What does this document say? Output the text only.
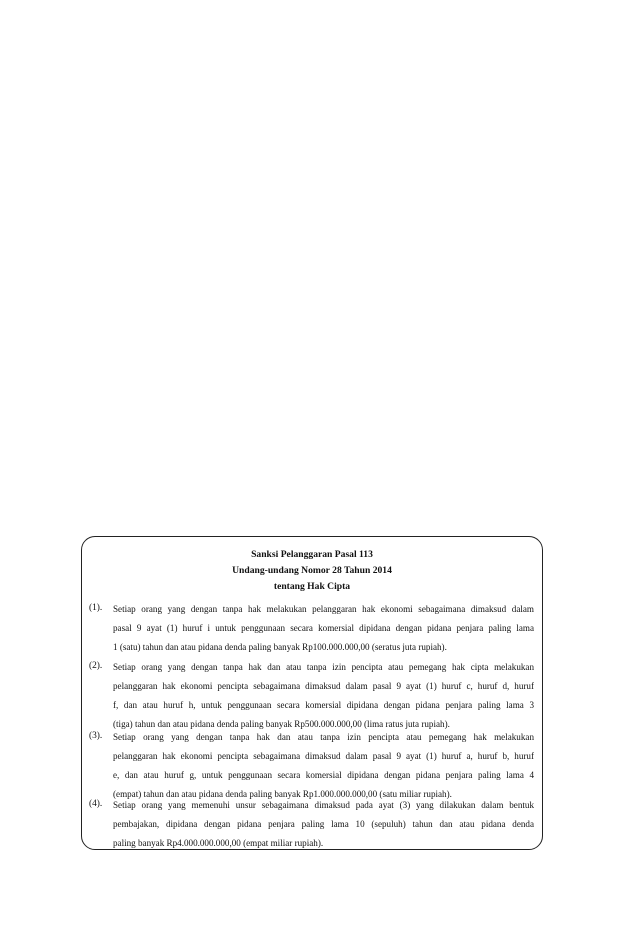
Sanksi Pelanggaran Pasal 113
Undang-undang Nomor 28 Tahun 2014
tentang Hak Cipta
(1). Setiap orang yang dengan tanpa hak melakukan pelanggaran hak ekonomi sebagaimana dimaksud dalam
pasal 9 ayat (1) huruf i untuk penggunaan secara komersial dipidana dengan pidana penjara paling lama
1 (satu) tahun dan atau pidana denda paling banyak Rp100.000.000,00 (seratus juta rupiah).
(2). Setiap orang yang dengan tanpa hak dan atau tanpa izin pencipta atau pemegang hak cipta melakukan
pelanggaran hak ekonomi pencipta sebagaimana dimaksud dalam pasal 9 ayat (1) huruf c, huruf d, huruf
f, dan atau huruf h, untuk penggunaan secara komersial dipidana dengan pidana penjara paling lama 3
(tiga) tahun dan atau pidana denda paling banyak Rp500.000.000,00 (lima ratus juta rupiah).
(3). Setiap orang yang dengan tanpa hak dan atau tanpa izin pencipta atau pemegang hak melakukan
pelanggaran hak ekonomi pencipta sebagaimana dimaksud dalam pasal 9 ayat (1) huruf a, huruf b, huruf
e, dan atau huruf g, untuk penggunaan secara komersial dipidana dengan pidana penjara paling lama 4
(empat) tahun dan atau pidana denda paling banyak Rp1.000.000.000,00 (satu miliar rupiah).
(4). Setiap orang yang memenuhi unsur sebagaimana dimaksud pada ayat (3) yang dilakukan dalam bentuk
pembajakan, dipidana dengan pidana penjara paling lama 10 (sepuluh) tahun dan atau pidana denda
paling banyak Rp4.000.000.000,00 (empat miliar rupiah).
